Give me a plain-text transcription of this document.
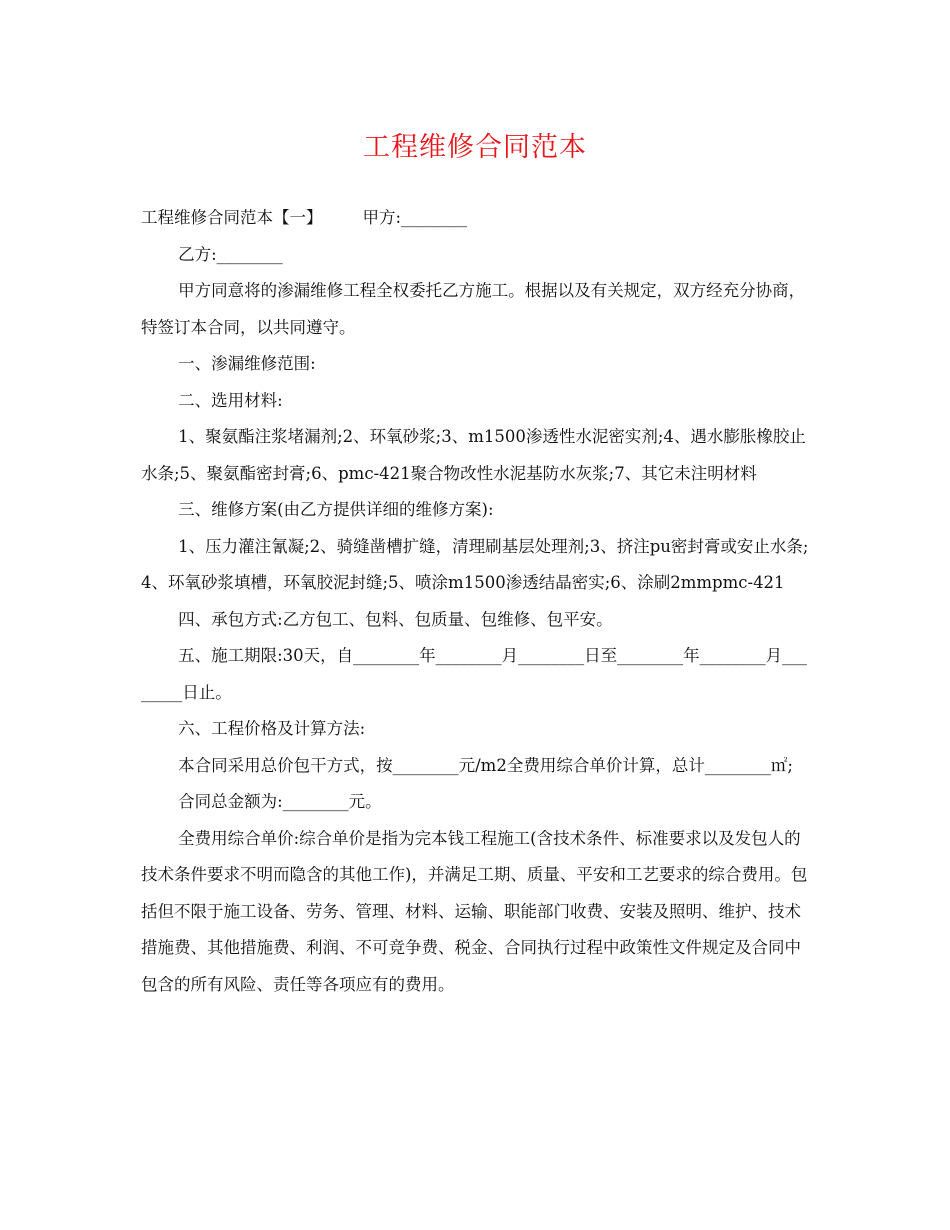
工程维修合同范本

工程维修合同范本【一】 甲方:________

乙方:________

甲方同意将的渗漏维修工程全权委托乙方施工。根据以及有关规定，双方经充分协商，特签订本合同，以共同遵守。

一、渗漏维修范围:

二、选用材料:

1、聚氨酯注浆堵漏剂;2、环氧砂浆;3、m1500渗透性水泥密实剂;4、遇水膨胀橡胶止水条;5、聚氨酯密封膏;6、pmc-421聚合物改性水泥基防水灰浆;7、其它未注明材料

三、维修方案(由乙方提供详细的维修方案):

1、压力灌注氰凝;2、骑缝凿槽扩缝，清理刷基层处理剂;3、挤注pu密封膏或安止水条;4、环氧砂浆填槽，环氧胶泥封缝;5、喷涂m1500渗透结晶密实;6、涂刷2mmpmc-421

四、承包方式:乙方包工、包料、包质量、包维修、包平安。

五、施工期限:30天，自________年________月________日至________年________月________日止。

六、工程价格及计算方法:

本合同采用总价包干方式，按________元/m2全费用综合单价计算，总计________㎡;

合同总金额为:________元。

全费用综合单价:综合单价是指为完本钱工程施工(含技术条件、标准要求以及发包人的技术条件要求不明而隐含的其他工作)，并满足工期、质量、平安和工艺要求的综合费用。包括但不限于施工设备、劳务、管理、材料、运输、职能部门收费、安装及照明、维护、技术措施费、其他措施费、利润、不可竞争费、税金、合同执行过程中政策性文件规定及合同中包含的所有风险、责任等各项应有的费用。
